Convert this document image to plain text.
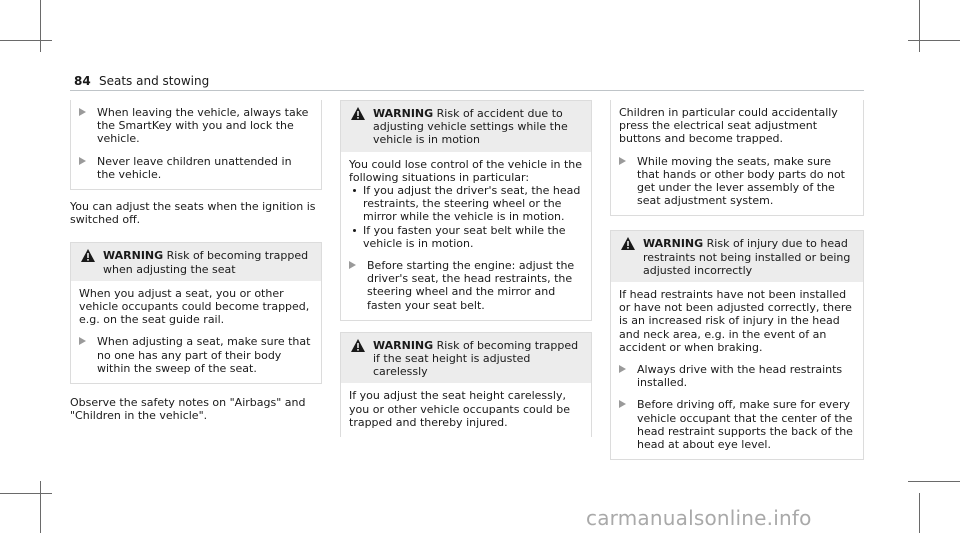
84 Seats and stowing
When leaving the vehicle, always take the SmartKey with you and lock the vehicle.
Never leave children unattended in the vehicle.
You can adjust the seats when the ignition is switched off.
WARNING Risk of becoming trapped when adjusting the seat
When you adjust a seat, you or other vehicle occupants could become trapped, e.g. on the seat guide rail.
When adjusting a seat, make sure that no one has any part of their body within the sweep of the seat.
Observe the safety notes on "Airbags" and "Children in the vehicle".
WARNING Risk of accident due to adjusting vehicle settings while the vehicle is in motion
You could lose control of the vehicle in the following situations in particular:
If you adjust the driver's seat, the head restraints, the steering wheel or the mirror while the vehicle is in motion.
If you fasten your seat belt while the vehicle is in motion.
Before starting the engine: adjust the driver's seat, the head restraints, the steering wheel and the mirror and fasten your seat belt.
WARNING Risk of becoming trapped if the seat height is adjusted carelessly
If you adjust the seat height carelessly, you or other vehicle occupants could be trapped and thereby injured.
Children in particular could accidentally press the electrical seat adjustment buttons and become trapped.
While moving the seats, make sure that hands or other body parts do not get under the lever assembly of the seat adjustment system.
WARNING Risk of injury due to head restraints not being installed or being adjusted incorrectly
If head restraints have not been installed or have not been adjusted correctly, there is an increased risk of injury in the head and neck area, e.g. in the event of an accident or when braking.
Always drive with the head restraints installed.
Before driving off, make sure for every vehicle occupant that the center of the head restraint supports the back of the head at about eye level.
carmanualsonline.info
